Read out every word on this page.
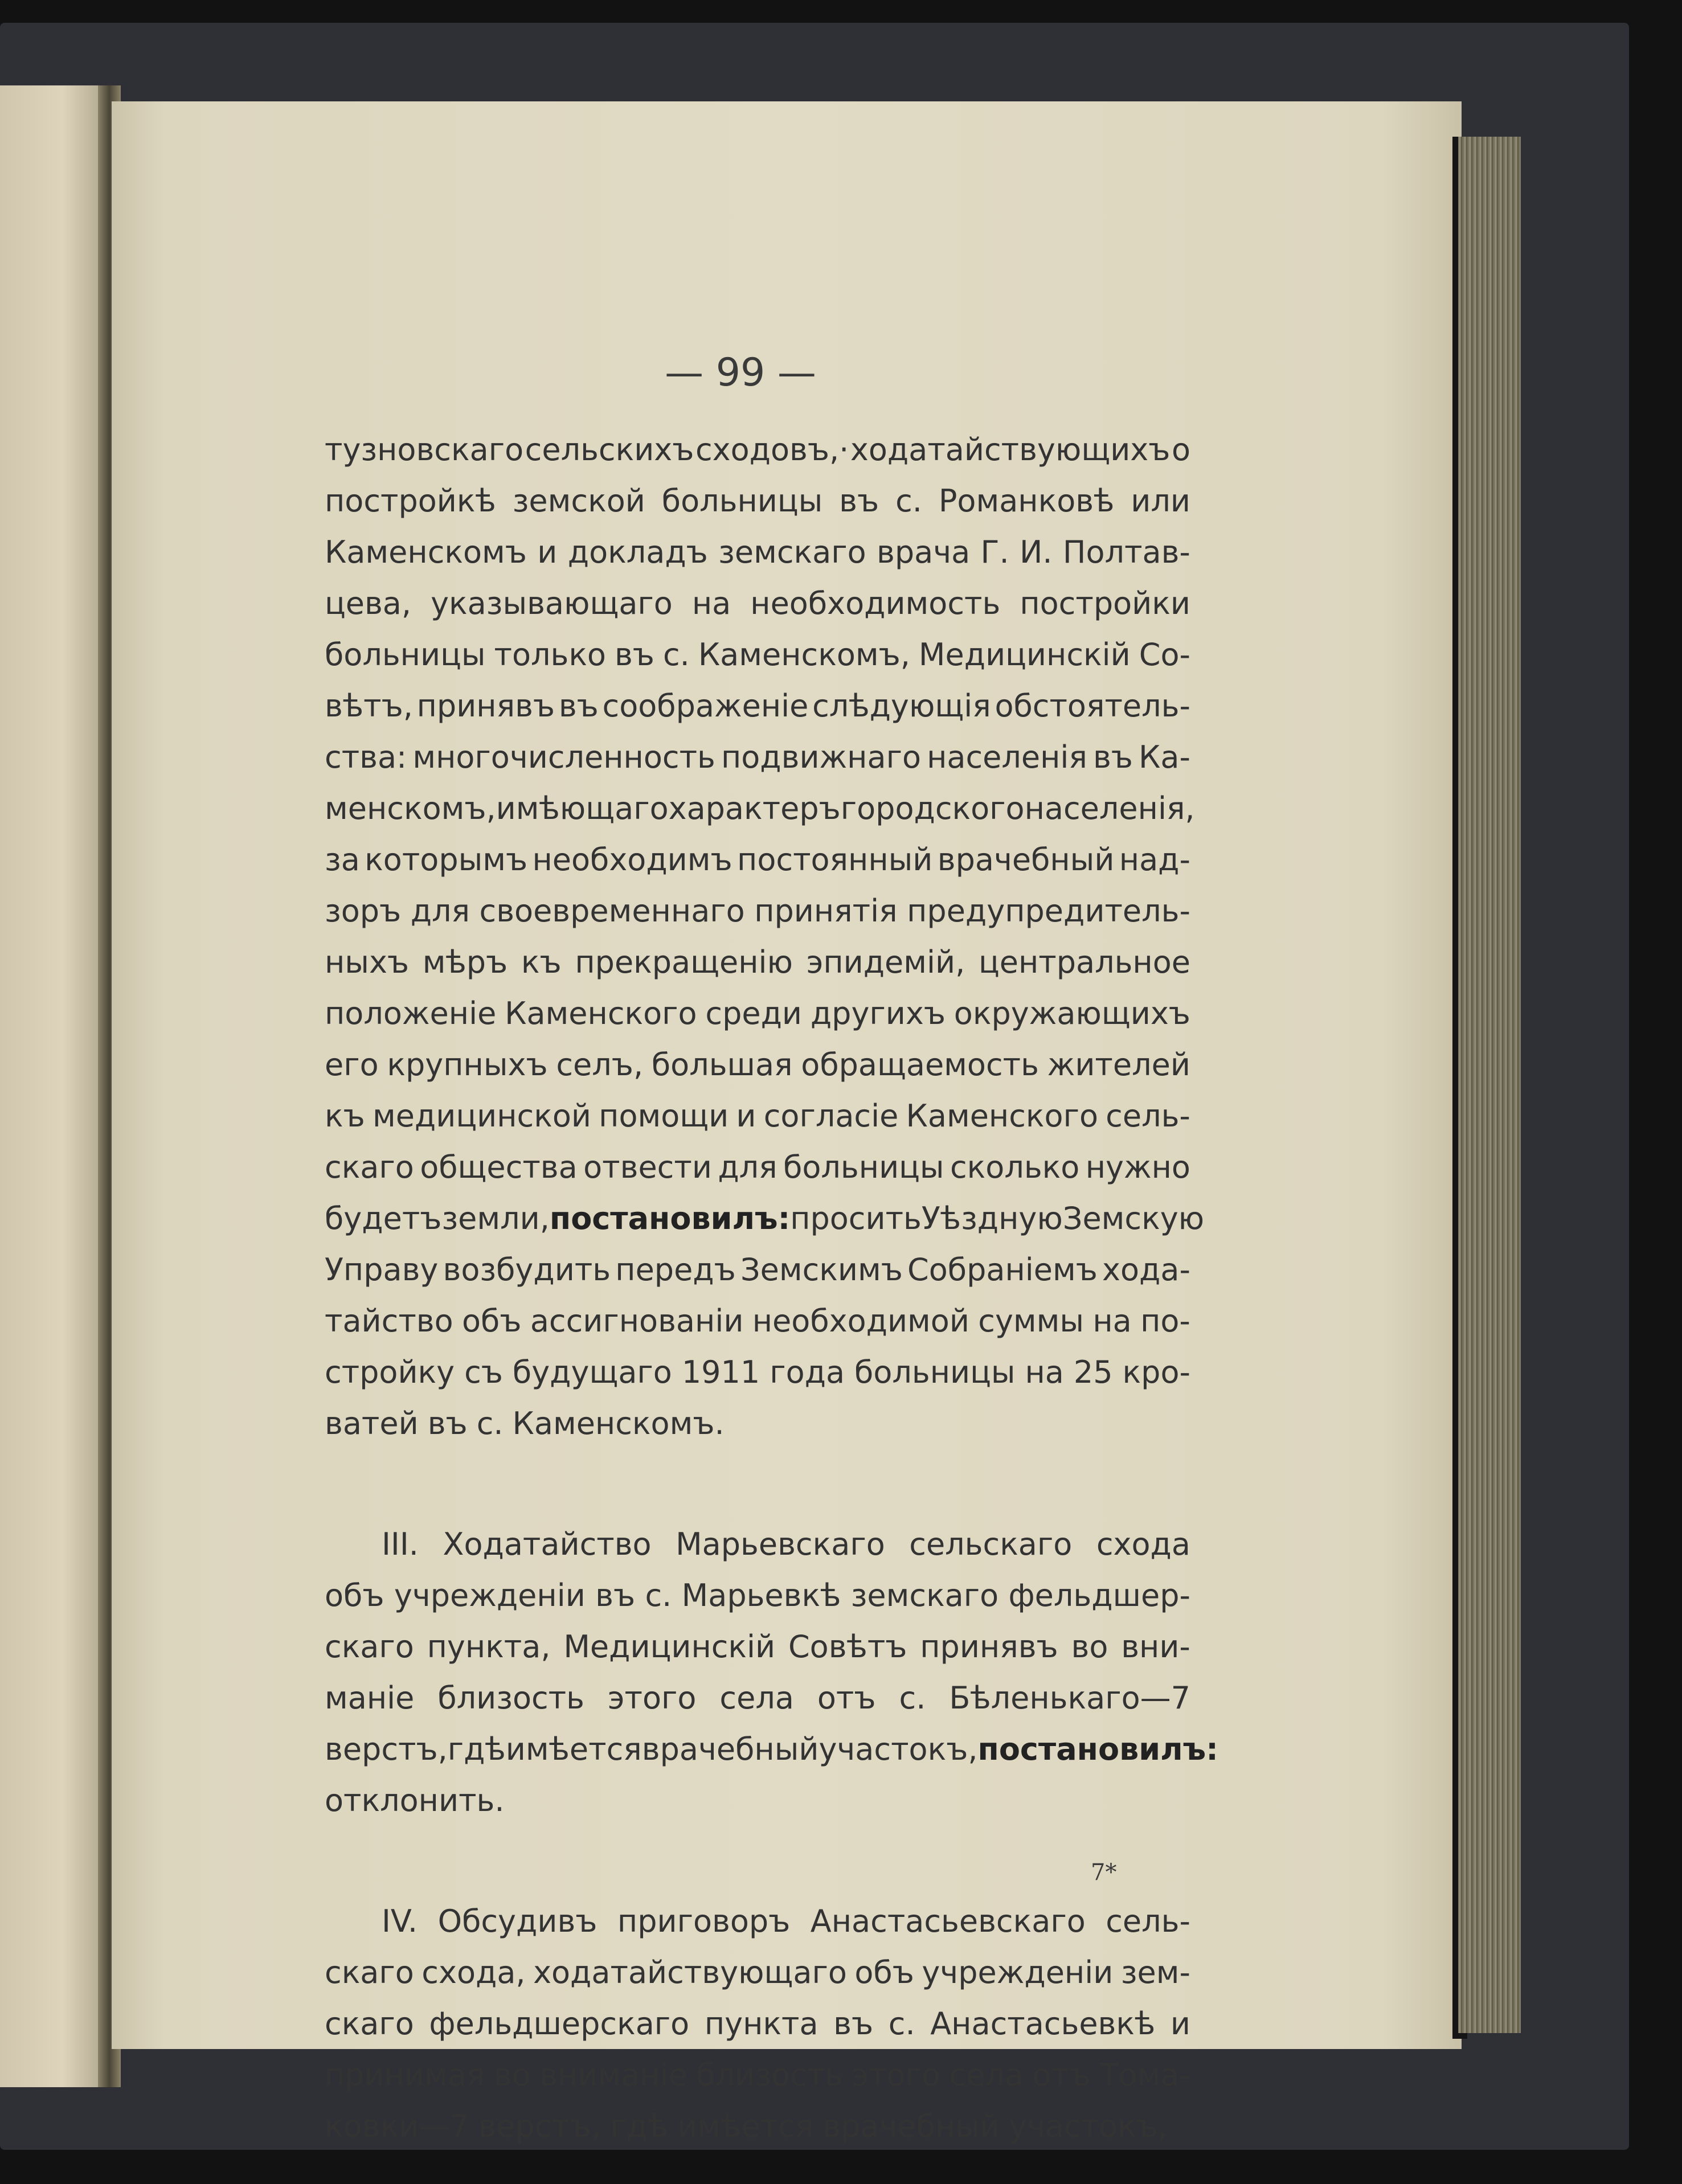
— 99 —
тузновскаго сельскихъ сходовъ,· ходатайствующихъ о
постройкѣ земской больницы въ с. Романковѣ или
Каменскомъ и докладъ земскаго врача Г. И. Полтав-
цева, указывающаго на необходимость постройки
больницы только въ с. Каменскомъ, Медицинскій Со-
вѣтъ, принявъ въ соображеніе слѣдующія обстоятель-
ства: многочисленность подвижнаго населенія въ Ка-
менскомъ, имѣющаго характеръ городского населенія,
за которымъ необходимъ постоянный врачебный над-
зоръ для своевременнаго принятія предупредитель-
ныхъ мѣръ къ прекращенію эпидемій, центральное
положеніе Каменского среди другихъ окружающихъ
его крупныхъ селъ, большая обращаемость жителей
къ медицинской помощи и согласіе Каменского сель-
скаго общества отвести для больницы сколько нужно
будетъ земли, постановилъ: просить Уѣздную Земскую
Управу возбудить передъ Земскимъ Собраніемъ хода-
тайство объ ассигнованіи необходимой суммы на по-
стройку съ будущаго 1911 года больницы на 25 кро-
ватей въ с. Каменскомъ.
III. Ходатайство Марьевскаго сельскаго схода
объ учрежденіи въ с. Марьевкѣ земскаго фельдшер-
скаго пункта, Медицинскій Совѣтъ принявъ во вни-
маніе близость этого села отъ с. Бѣленькаго—7
верстъ, гдѣ имѣется врачебный участокъ, постановилъ:
отклонить.
IV. Обсудивъ приговоръ Анастасьевскаго сель-
скаго схода, ходатайствующаго объ учрежденіи зем-
скаго фельдшерскаго пункта въ с. Анастасьевкѣ и
принимая во вниманіе близость этого села отъ Тома-
ковки—7 верстъ, гдѣ имѣется врачебный участокъ,
7*
